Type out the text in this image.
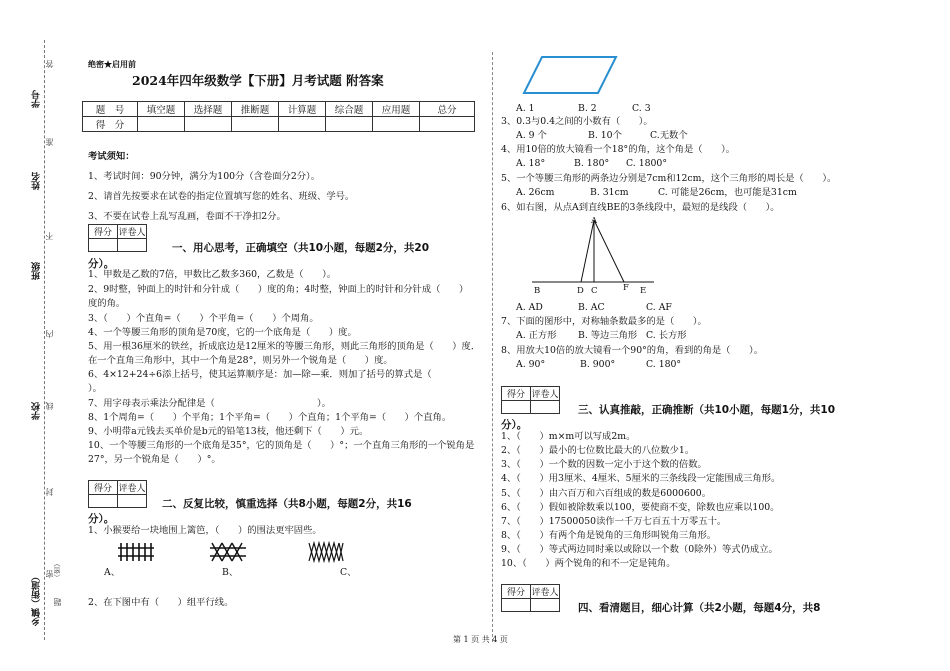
学号
姓名
班级
学校
乡镇（街道）
答
准
不
内
线
封
密 （密）
题
绝密★启用前
2024年四年级数学【下册】月考试题 附答案
题　号	填空题	选择题	推断题	计算题	综合题	应用题	总分
得　分							
考试须知：
1、考试时间：90分钟，满分为100分（含卷面分2分）。
2、请首先按要求在试卷的指定位置填写您的姓名、班级、学号。
3、不要在试卷上乱写乱画，卷面不干净扣2分。
得分	评卷人

一、用心思考，正确填空（共10小题，每题2分，共20
分）。
1、甲数是乙数的7倍，甲数比乙数多360，乙数是（　　）。
2、9时整，钟面上的时针和分针成（　　）度的角；4时整，钟面上的时针和分针成（　　）
度的角。
3、（　　）个直角=（　　）个平角=（　　）个周角。
4、一个等腰三角形的顶角是70度，它的一个底角是（　　）度。
5、用一根36厘米的铁丝，折成底边是12厘米的等腰三角形，则此三角形的顶角是（　　）度．
在一个直角三角形中，其中一个角是28°，则另外一个锐角是（　　）度。
6、4×12+24÷6添上括号，使其运算顺序是：加—除—乘．则加了括号的算式是（
）。
7、用字母表示乘法分配律是（　　　　　　　　　　　）。
8、1个周角=（　　）个平角；1个平角=（　　）个直角；1个平角=（　　）个直角。
9、小明带a元钱去买单价是b元的铅笔13枝，他还剩下（　　）元。
10、一个等腰三角形的一个底角是35°，它的顶角是（　　）°；一个直角三角形的一个锐角是
27°，另一个锐角是（　　）°。
得分	评卷人

二、反复比较，慎重选择（共8小题，每题2分，共16
分）。
1、小猴要给一块地围上篱笆，（　　）的围法更牢固些。
A、	B、	C、
2、在下图中有（　　）组平行线。
A. 1	B. 2	C. 3
3、0.3与0.4之间的小数有（　　）。
A. 9 个	B. 10个	C.无数个
4、用10倍的放大镜看一个18°的角，这个角是（　　）。
A. 18°	B. 180° C. 1800°
5、一个等腰三角形的两条边分别是7cm和12cm，这个三角形的周长是（　　）。
A. 26cm	B. 31cm	C. 可能是26cm，也可能是31cm
6、如右图，从点A到直线BE的3条线段中，最短的是线段（　　）。
A
B	D C	F E
A. AD	B. AC	C. AF
7、下面的图形中，对称轴条数最多的是（　　）。
A. 正方形 B. 等边三角形 C. 长方形
8、用放大10倍的放大镜看一个90°的角，看到的角是（　　）。
A. 90°	B. 900°	C. 180°
得分	评卷人

三、认真推敲，正确推断（共10小题，每题1分，共10
分）。
1、（　　）m×m可以写成2m。
2、（　　）最小的七位数比最大的八位数少1。
3、（　　）一个数的因数一定小于这个数的倍数。
4、（　　）用3厘米、4厘米、5厘米的三条线段一定能围成三角形。
5、（　　）由六百万和六百组成的数是6000600。
6、（　　）假如被除数乘以100，要使商不变，除数也应乘以100。
7、（　　）17500050读作一千万七百五十万零五十。
8、（　　）有两个角是锐角的三角形叫锐角三角形。
9、（　　）等式两边同时乘以或除以一个数（0除外）等式仍成立。
10、（　　）两个锐角的和不一定是钝角。
得分	评卷人

四、看清题目，细心计算（共2小题，每题4分，共8
第 1 页 共 4 页
